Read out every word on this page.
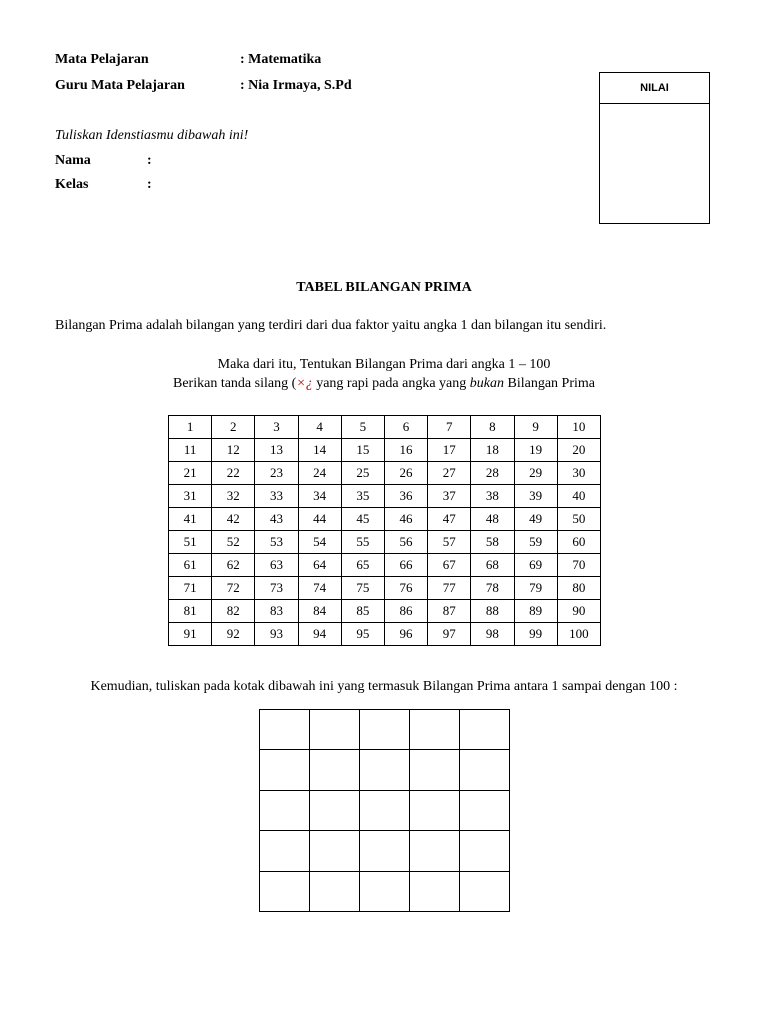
Mata Pelajaran	: Matematika
Guru Mata Pelajaran	: Nia Irmaya, S.Pd	NILAI
Tuliskan Idenstiasmu dibawah ini!
Nama	:
Kelas	:
TABEL BILANGAN PRIMA
Bilangan Prima adalah bilangan yang terdiri dari dua faktor yaitu angka 1 dan bilangan itu sendiri.
Maka dari itu, Tentukan Bilangan Prima dari angka 1 – 100
Berikan tanda silang (×¿ yang rapi pada angka yang bukan Bilangan Prima
1	2	3	4	5	6	7	8	9	10
11	12	13	14	15	16	17	18	19	20
21	22	23	24	25	26	27	28	29	30
31	32	33	34	35	36	37	38	39	40
41	42	43	44	45	46	47	48	49	50
51	52	53	54	55	56	57	58	59	60
61	62	63	64	65	66	67	68	69	70
71	72	73	74	75	76	77	78	79	80
81	82	83	84	85	86	87	88	89	90
91	92	93	94	95	96	97	98	99	100
Kemudian, tuliskan pada kotak dibawah ini yang termasuk Bilangan Prima antara 1 sampai dengan 100 :
